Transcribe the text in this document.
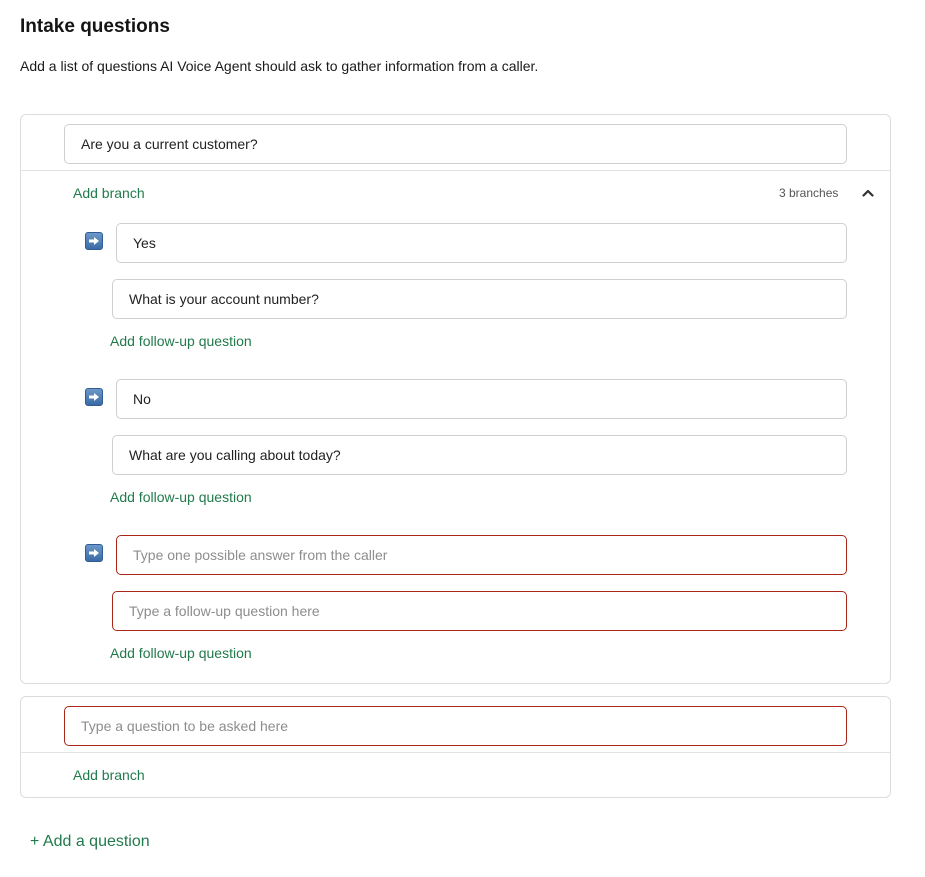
Intake questions

Add a list of questions AI Voice Agent should ask to gather information from a caller.

Are you a current customer?
Add branch	3 branches
Yes
What is your account number?
Add follow-up question
No
What are you calling about today?
Add follow-up question
Type one possible answer from the caller
Type a follow-up question here
Add follow-up question
Type a question to be asked here
Add branch
+ Add a question
